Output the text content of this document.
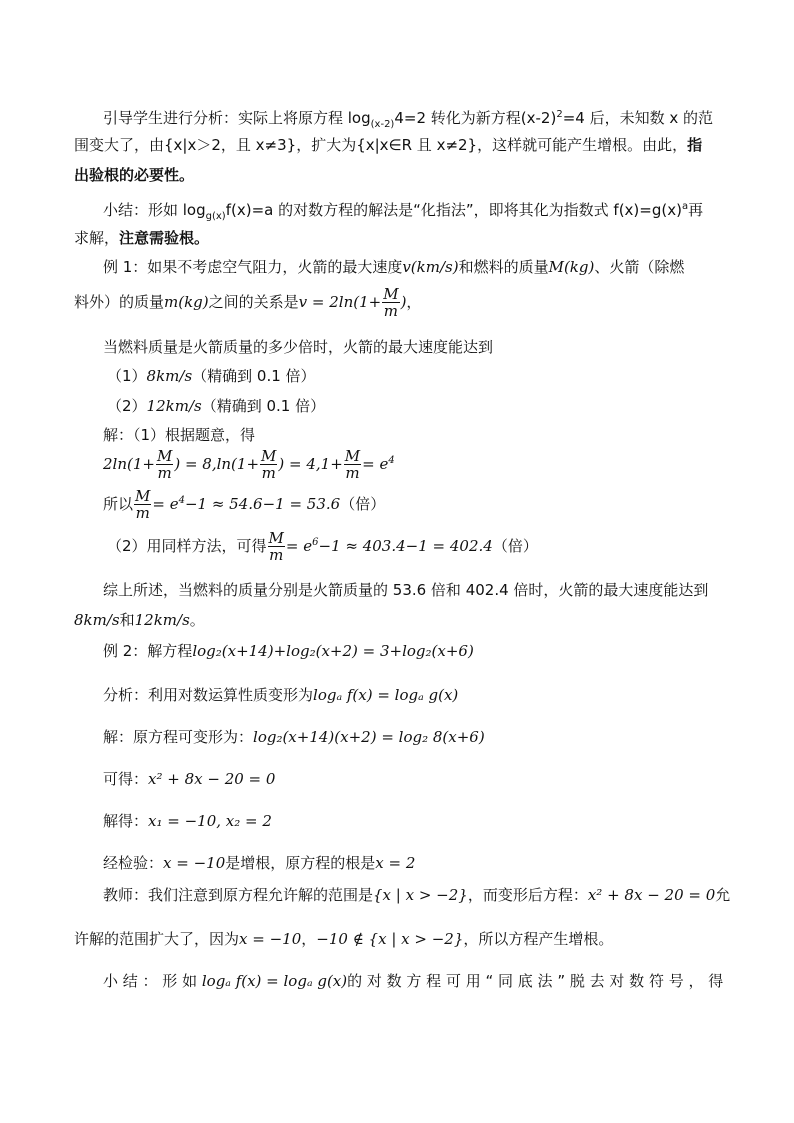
引导学生进行分析：实际上将原方程 $\log_{(x-2)}4=2$ 转化为新方程$(x-2)^2=4$ 后，未知数 x 的范
围变大了，由{x|x＞2，且 x≠3}，扩大为{x|x∈R 且 x≠2}，这样就可能产生增根。由此，指
出验根的必要性。
小结：形如 $\log_{g(x)}f(x)=a$ 的对数方程的解法是“化指法”，即将其化为指数式 $f(x)=g(x)^a$再
求解，注意需验根。
例 1：如果不考虑空气阻力，火箭的最大速度v(km/s)和燃料的质量M(kg)、火箭（除燃
料外）的质量m(kg)之间的关系是$v = 2\ln(1+ \frac{M}{m}$ )，
当燃料质量是火箭质量的多少倍时，火箭的最大速度能达到
（1）8km/s（精确到 0.1 倍）
（2）12km/s（精确到 0.1 倍）
解：（1）根据题意，得
$2\ln(1+ \frac{M}{m}$ ) = $8,\ln(1+ \frac{M}{m}$ ) = $4,1+ \frac{M}{m} = e^4$
所以 $\frac{M}{m} = e^4-1 \approx 54.6-1 = 53.6$（倍）
（2）用同样方法，可得 $\frac{M}{m} = e^6-1 \approx 403.4-1 = 402.4$（倍）
综上所述，当燃料的质量分别是火箭质量的 53.6 倍和 402.4 倍时，火箭的最大速度能达到
8km/s和12km/s。
例 2：解方程log₂(x+14)+log₂(x+2) = 3+log₂(x+6)
分析：利用对数运算性质变形为logₐ f(x) = logₐ g(x)
解：原方程可变形为：log₂(x+14)(x+2) = log₂ 8(x+6)
可得：x² + 8x − 20 = 0
解得：x₁ = −10, x₂ = 2
经检验：x = −10是增根，原方程的根是x = 2
教师：我们注意到原方程允许解的范围是{x | x > −2}，而变形后方程：x² + 8x − 20 = 0允
许解的范围扩大了，因为x = −10，−10 ∉ {x | x > −2}，所以方程产生增根。
小 结 ： 形 如 logₐ f(x) = logₐ g(x)的 对 数 方 程 可 用 “ 同 底 法 ” 脱 去 对 数 符 号 ， 得
